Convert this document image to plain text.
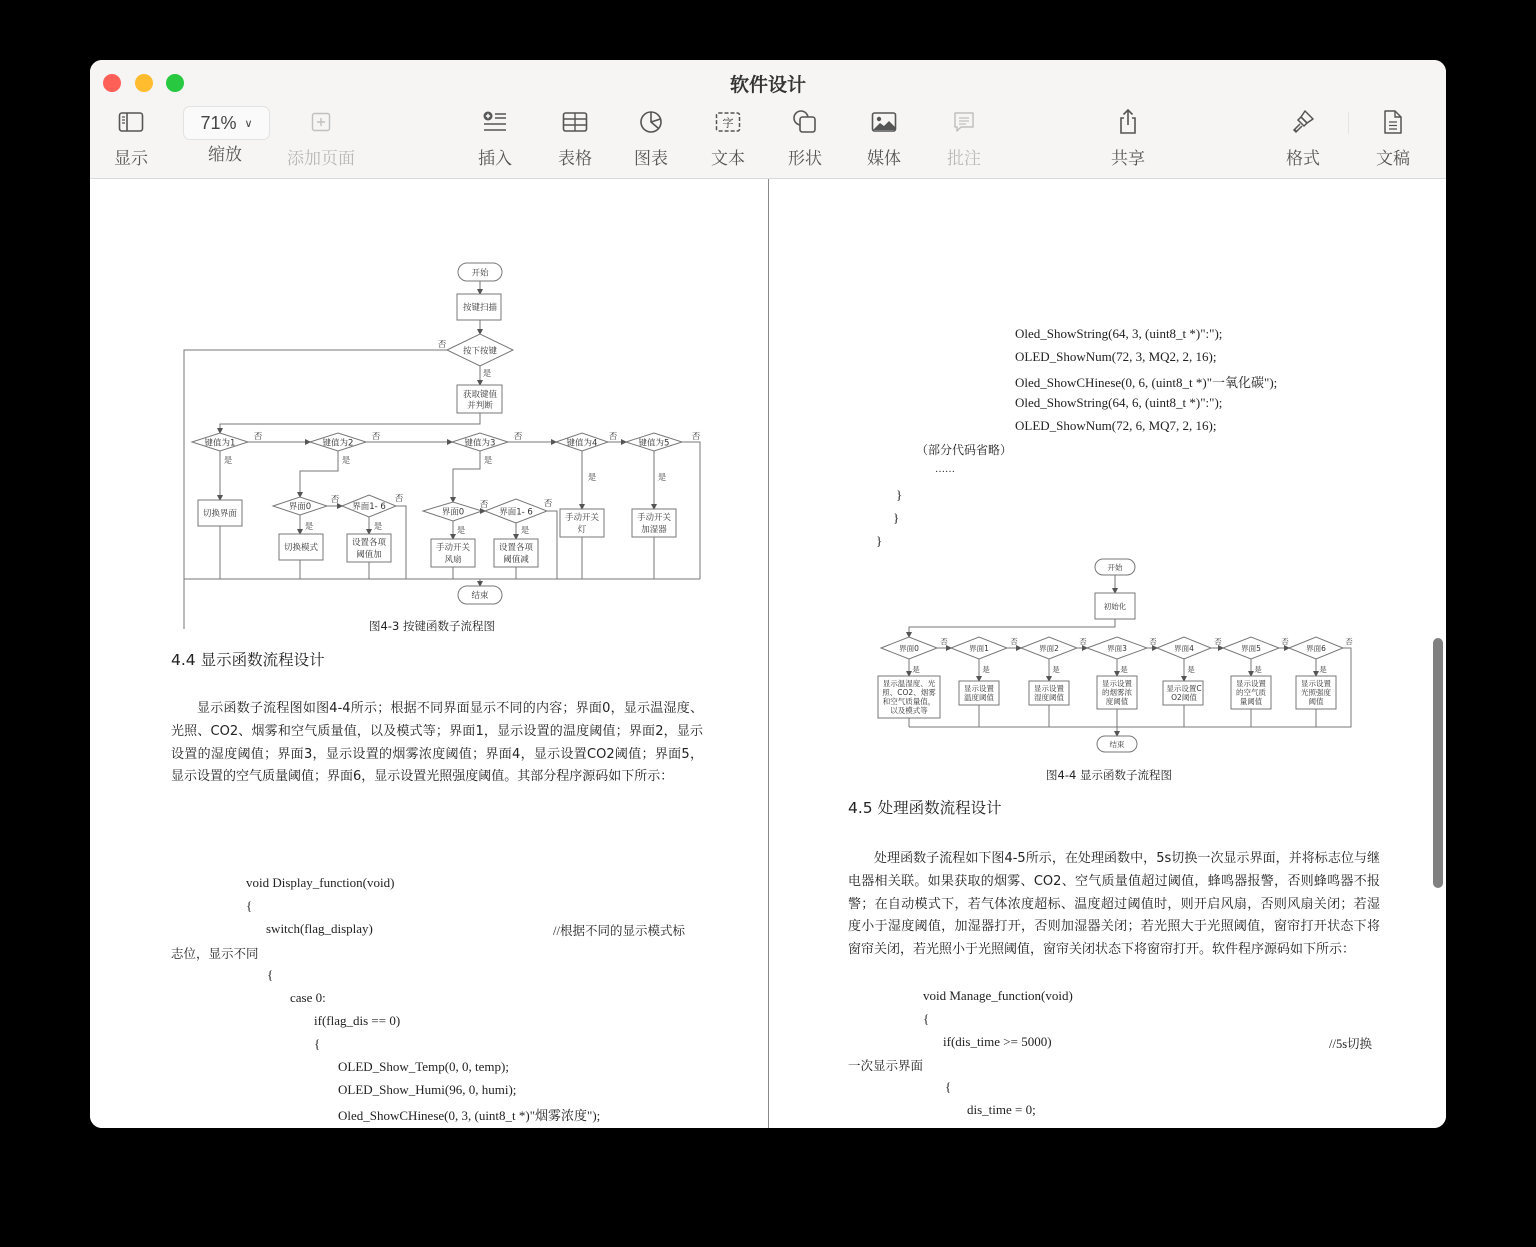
软件设计
显示
71% ∨
缩放	添加页面	插入	表格 图表
字
文本	形状	媒体	批注	共享	格式	文稿
开始
按键扫描
按下按键
否
是
获取键值
并判断
键值为1	键值为2	键值为3	键值为4	键值为5
否	否	否	否	否
是	是	是
是	是
切换界面
界面0	界面1- 6
否	否
是	是
切换模式	设置各项
阈值加
界面0	界面1- 6
否	否
是	是
手动开关
风扇
设置各项
阈值减
手动开关
灯
手动开关
加湿器
结束
图4-3 按键函数子流程图
4.4 显示函数流程设计
显示函数子流程图如图4-4所示；根据不同界面显示不同的内容；界面0，显示温湿度、光照、CO2、烟雾和空气质量值，以及模式等；界面1，显示设置的温度阈值；界面2，显示设置的湿度阈值；界面3，显示设置的烟雾浓度阈值；界面4，显示设置CO2阈值；界面5，显示设置的空气质量阈值；界面6，显示设置光照强度阈值。其部分程序源码如下所示：
void Display_function(void)
{
switch(flag_display)	//根据不同的显示模式标
志位，显示不同
{
case 0:
if(flag_dis == 0)
{
OLED_Show_Temp(0, 0, temp);
OLED_Show_Humi(96, 0, humi);
Oled_ShowCHinese(0, 3, (uint8_t *)"烟雾浓度");
Oled_ShowString(64, 3, (uint8_t *)":");
OLED_ShowNum(72, 3, MQ2, 2, 16);
Oled_ShowCHinese(0, 6, (uint8_t *)"一氧化碳");
Oled_ShowString(64, 6, (uint8_t *)":");
OLED_ShowNum(72, 6, MQ7, 2, 16);
（部分代码省略）
……
}
}
}
开始
初始化
界面0	界面1	界面2	界面3	界面4	界面5	界面6
否	否	否	否	否	否	否
是	是	是	是	是	是	是
显示温湿度、光
照、CO2、烟雾
和空气质量值，
以及模式等
显示设置
温度阈值
显示设置
湿度阈值
显示设置
的烟雾浓
度阈值
显示设置C
O2阈值
显示设置
的空气质
量阈值
显示设置
光照强度
阈值
结束
图4-4 显示函数子流程图
4.5 处理函数流程设计
处理函数子流程如下图4-5所示，在处理函数中，5s切换一次显示界面，并将标志位与继电器相关联。如果获取的烟雾、CO2、空气质量值超过阈值，蜂鸣器报警，否则蜂鸣器不报警；在自动模式下，若气体浓度超标、温度超过阈值时，则开启风扇，否则风扇关闭；若湿度小于湿度阈值，加湿器打开，否则加湿器关闭；若光照大于光照阈值，窗帘打开状态下将窗帘关闭，若光照小于光照阈值，窗帘关闭状态下将窗帘打开。软件程序源码如下所示：
void Manage_function(void)
{
if(dis_time >= 5000)	//5s切换
一次显示界面
{
dis_time = 0;
